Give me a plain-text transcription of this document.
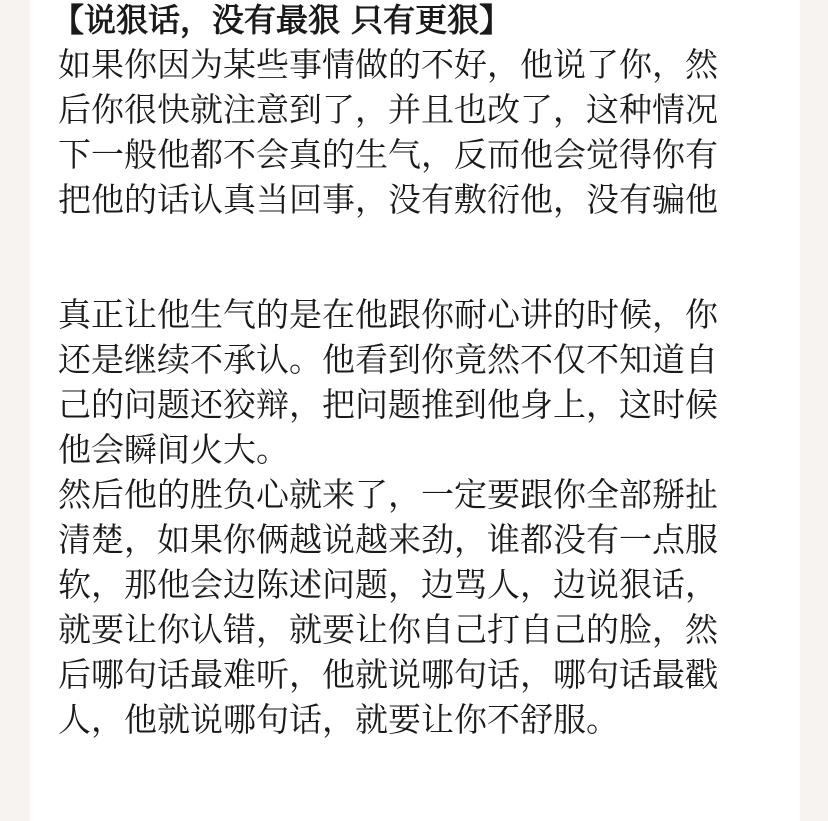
【说狠话，没有最狠 只有更狠】
如果你因为某些事情做的不好，他说了你，然
后你很快就注意到了，并且也改了，这种情况
下一般他都不会真的生气，反而他会觉得你有
把他的话认真当回事，没有敷衍他，没有骗他
真正让他生气的是在他跟你耐心讲的时候，你
还是继续不承认。他看到你竟然不仅不知道自
己的问题还狡辩，把问题推到他身上，这时候
他会瞬间火大。
然后他的胜负心就来了，一定要跟你全部掰扯
清楚，如果你俩越说越来劲，谁都没有一点服
软，那他会边陈述问题，边骂人，边说狠话，
就要让你认错，就要让你自己打自己的脸，然
后哪句话最难听，他就说哪句话，哪句话最戳
人，他就说哪句话，就要让你不舒服。
